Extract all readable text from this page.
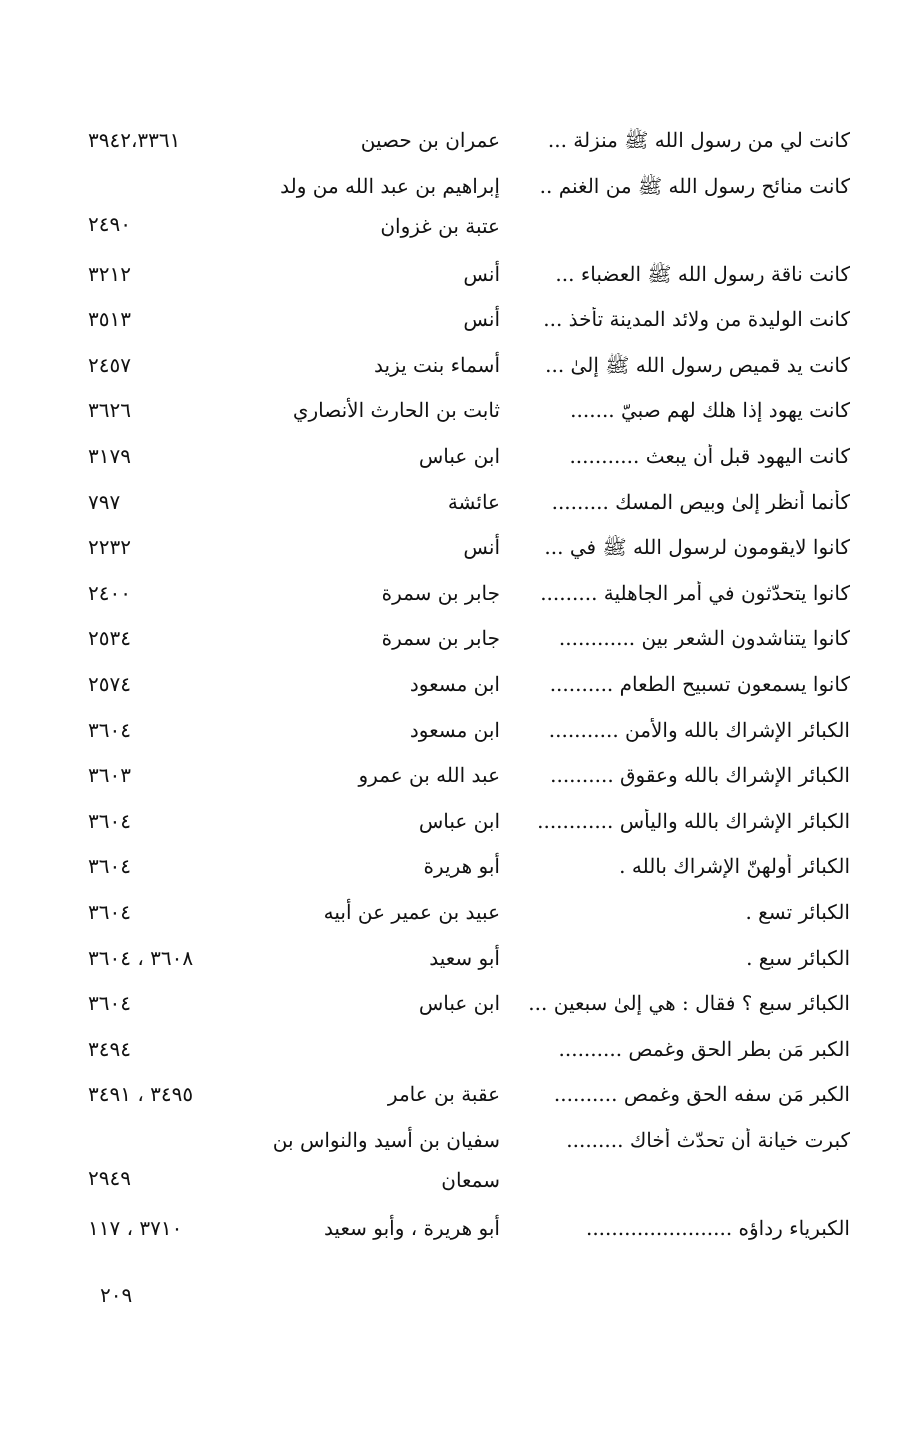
كانت لي من رسول الله ﷺ منزلة ...
عمران بن حصين
٣٩٤٢،٣٣٦١
كانت منائح رسول الله ﷺ من الغنم ..
إبراهيم بن عبد الله من ولد عتبة بن غزوان
٢٤٩٠
كانت ناقة رسول الله ﷺ العضباء ...
أنس
٣٢١٢
كانت الوليدة من ولائد المدينة تأخذ ...
أنس
٣٥١٣
كانت يد قميص رسول الله ﷺ إلىٰ ...
أسماء بنت يزيد
٢٤٥٧
كانت يهود إذا هلك لهم صبيّ .......
ثابت بن الحارث الأنصاري
٣٦٢٦
كانت اليهود قبل أن يبعث ...........
ابن عباس
٣١٧٩
كأنما أنظر إلىٰ وبيص المسك .........
عائشة
٧٩٧
كانوا لايقومون لرسول الله ﷺ في ...
أنس
٢٢٣٢
كانوا يتحدّثون في أمر الجاهلية .........
جابر بن سمرة
٢٤٠٠
كانوا يتناشدون الشعر بين ............
جابر بن سمرة
٢٥٣٤
كانوا يسمعون تسبيح الطعام ..........
ابن مسعود
٢٥٧٤
الكبائر الإشراك بالله والأمن ...........
ابن مسعود
٣٦٠٤
الكبائر الإشراك بالله وعقوق ..........
عبد الله بن عمرو
٣٦٠٣
الكبائر الإشراك بالله واليأس ............
ابن عباس
٣٦٠٤
الكبائر أولهنّ الإشراك بالله .
أبو هريرة
٣٦٠٤
الكبائر تسع .
عبيد بن عمير عن أبيه
٣٦٠٤
الكبائر سبع .
أبو سعيد
٣٦٠٨ ، ٣٦٠٤
الكبائر سبع ؟ فقال : هي إلىٰ سبعين ...
ابن عباس
٣٦٠٤
الكبر مَن بطر الحق وغمص ..........
٣٤٩٤
الكبر مَن سفه الحق وغمص ..........
عقبة بن عامر
٣٤٩٥ ، ٣٤٩١
كبرت خيانة أن تحدّث أخاك .........
سفيان بن أسيد والنواس بن سمعان
٢٩٤٩
الكبرياء رداؤه .......................
أبو هريرة ، وأبو سعيد
٣٧١٠ ، ١١٧
٢٠٩
